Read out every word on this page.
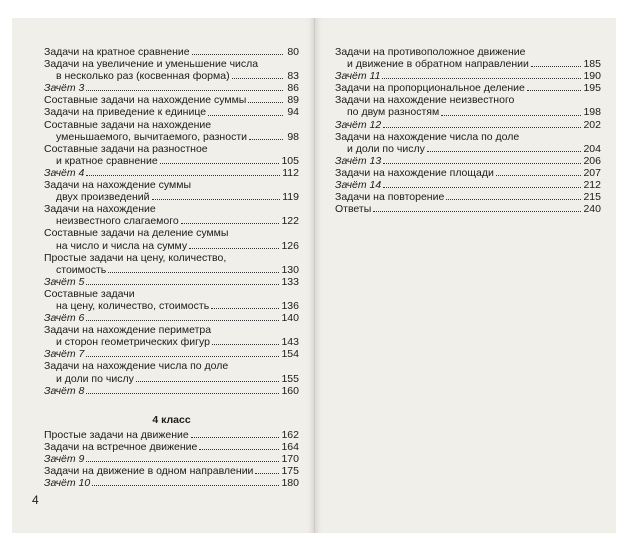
Задачи на кратное сравнение	80
Задачи на увеличение и уменьшение числа
в несколько раз (косвенная форма)	83
Зачёт 3	86
Составные задачи на нахождение суммы	89
Задачи на приведение к единице	94
Составные задачи на нахождение
уменьшаемого, вычитаемого, разности	98
Составные задачи на разностное
и кратное сравнение	105
Зачёт 4	112
Задачи на нахождение суммы
двух произведений	119
Задачи на нахождение
неизвестного слагаемого	122
Составные задачи на деление суммы
на число и числа на сумму	126
Простые задачи на цену, количество,
стоимость	130
Зачёт 5	133
Составные задачи
на цену, количество, стоимость	136
Зачёт 6	140
Задачи на нахождение периметра
и сторон геометрических фигур	143
Зачёт 7	154
Задачи на нахождение числа по доле
и доли по числу	155
Зачёт 8	160
4 класс
Простые задачи на движение	162
Задачи на встречное движение	164
Зачёт 9	170
Задачи на движение в одном направлении	175
Зачёт 10	180
4
Задачи на противоположное движение
и движение в обратном направлении	185
Зачёт 11	190
Задачи на пропорциональное деление	195
Задачи на нахождение неизвестного
по двум разностям	198
Зачёт 12	202
Задачи на нахождение числа по доле
и доли по числу	204
Зачёт 13	206
Задачи на нахождение площади	207
Зачёт 14	212
Задачи на повторение	215
Ответы	240
